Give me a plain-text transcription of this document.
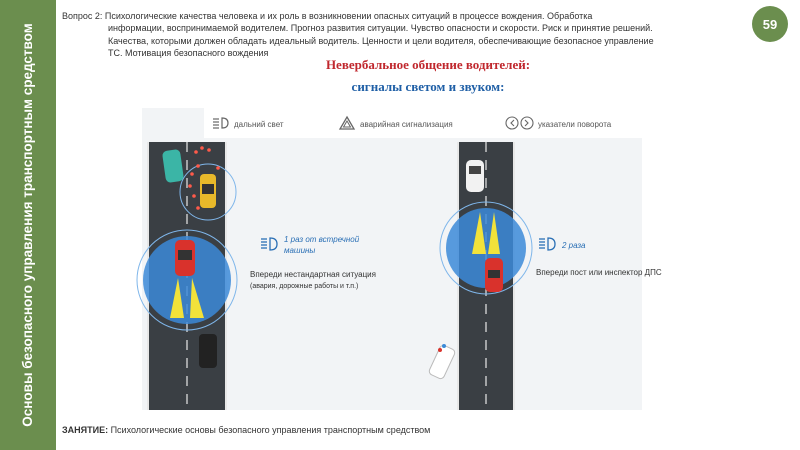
Основы безопасного управления транспортным средством
Вопрос 2: Психологические качества человека и их роль в возникновении опасных ситуаций в процессе вождения. Обработка
информации, воспринимаемой водителем. Прогноз развития ситуации. Чувство опасности и скорости. Риск и принятие решений.
Качества, которыми должен обладать идеальный водитель. Ценности и цели водителя, обеспечивающие безопасное управление
ТС. Мотивация безопасного вождения
59
Невербальное общение водителей:
сигналы светом и звуком:
дальний свет	аварийная сигнализация	указатели поворота
1 раз от встречной
машины
Впереди нестандартная ситуация
(авария, дорожные работы и т.п.)
2 раза
Впереди пост или инспектор ДПС
ЗАНЯТИЕ: Психологические основы безопасного управления транспортным средством
